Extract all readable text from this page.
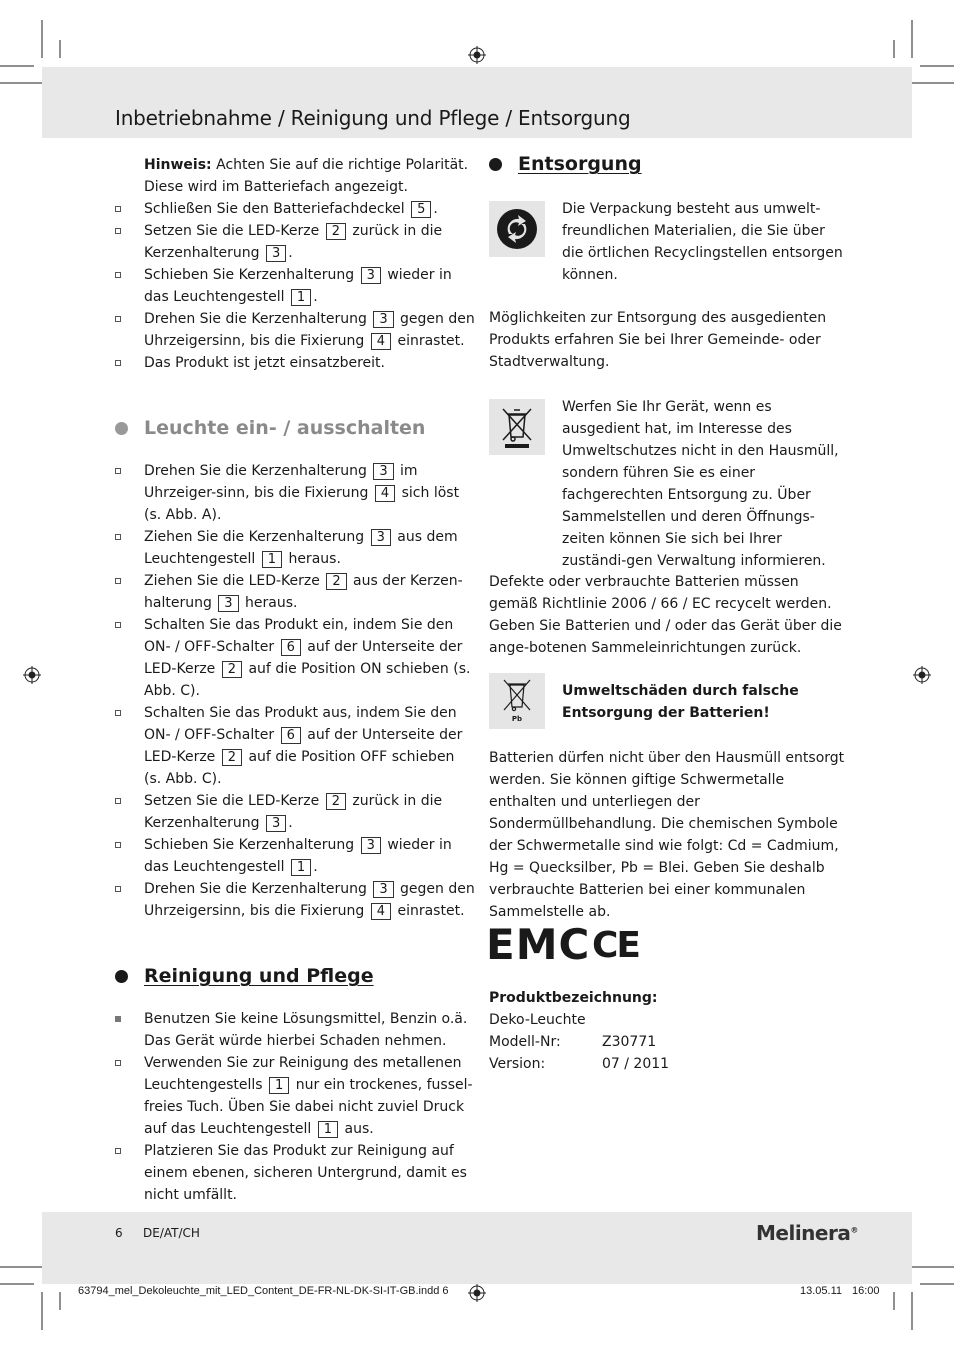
Inbetriebnahme / Reinigung und Pflege / Entsorgung

Hinweis: Achten Sie auf die richtige Polarität. Diese wird im Batteriefach angezeigt.

Schließen Sie den Batteriefachdeckel 5 .

Setzen Sie die LED-Kerze 2 zurück in die Kerzenhalterung 3 .

Schieben Sie Kerzenhalterung 3 wieder in das Leuchtengestell 1 .

Drehen Sie die Kerzenhalterung 3 gegen den Uhrzeigersinn, bis die Fixierung 4 einrastet.

Das Produkt ist jetzt einsatzbereit.

Leuchte ein- / ausschalten

Drehen Sie die Kerzenhalterung 3 im Uhrzeiger-sinn, bis die Fixierung 4 sich löst (s. Abb. A).

Ziehen Sie die Kerzenhalterung 3 aus dem Leuchtengestell 1 heraus.

Ziehen Sie die LED-Kerze 2 aus der Kerzen-halterung 3 heraus.

Schalten Sie das Produkt ein, indem Sie den ON- / OFF-Schalter 6 auf der Unterseite der LED-Kerze 2 auf die Position ON schieben (s. Abb. C).

Schalten Sie das Produkt aus, indem Sie den ON- / OFF-Schalter 6 auf der Unterseite der LED-Kerze 2 auf die Position OFF schieben (s. Abb. C).

Setzen Sie die LED-Kerze 2 zurück in die Kerzenhalterung 3 .

Schieben Sie Kerzenhalterung 3 wieder in das Leuchtengestell 1 .

Drehen Sie die Kerzenhalterung 3 gegen den Uhrzeigersinn, bis die Fixierung 4 einrastet.

Reinigung und Pflege

Benutzen Sie keine Lösungsmittel, Benzin o.ä. Das Gerät würde hierbei Schaden nehmen.

Verwenden Sie zur Reinigung des metallenen Leuchtengestells 1 nur ein trockenes, fussel-freies Tuch. Üben Sie dabei nicht zuviel Druck auf das Leuchtengestell 1 aus.

Platzieren Sie das Produkt zur Reinigung auf einem ebenen, sicheren Untergrund, damit es nicht umfällt.

Entsorgung
Die Verpackung besteht aus umwelt-freundlichen Materialien, die Sie über die örtlichen Recyclingstellen entsorgen können.
Möglichkeiten zur Entsorgung des ausgedienten Produkts erfahren Sie bei Ihrer Gemeinde- oder Stadtverwaltung.
Werfen Sie Ihr Gerät, wenn es ausgedient hat, im Interesse des Umweltschutzes nicht in den Hausmüll, sondern führen Sie es einer fachgerechten Entsorgung zu. Über Sammelstellen und deren Öffnungs-zeiten können Sie sich bei Ihrer zuständi-gen Verwaltung informieren.
Defekte oder verbrauchte Batterien müssen gemäß Richtlinie 2006 / 66 / EC recycelt werden. Geben Sie Batterien und / oder das Gerät über die ange-botenen Sammeleinrichtungen zurück.
Pb
Umweltschäden durch falsche Entsorgung der Batterien!
Batterien dürfen nicht über den Hausmüll entsorgt werden. Sie können giftige Schwermetalle enthalten und unterliegen der Sondermüllbehandlung. Die chemischen Symbole der Schwermetalle sind wie folgt: Cd = Cadmium, Hg = Quecksilber, Pb = Blei. Geben Sie deshalb verbrauchte Batterien bei einer kommunalen Sammelstelle ab.
EMC CE
Produktbezeichnung:
Deko-Leuchte
Modell-Nr:	Z30771
Version:	07 / 2011
6 DE/AT/CH	Melinera®
63794_mel_Dekoleuchte_mit_LED_Content_DE-FR-NL-DK-SI-IT-GB.indd 6	13.05.11 16:00
